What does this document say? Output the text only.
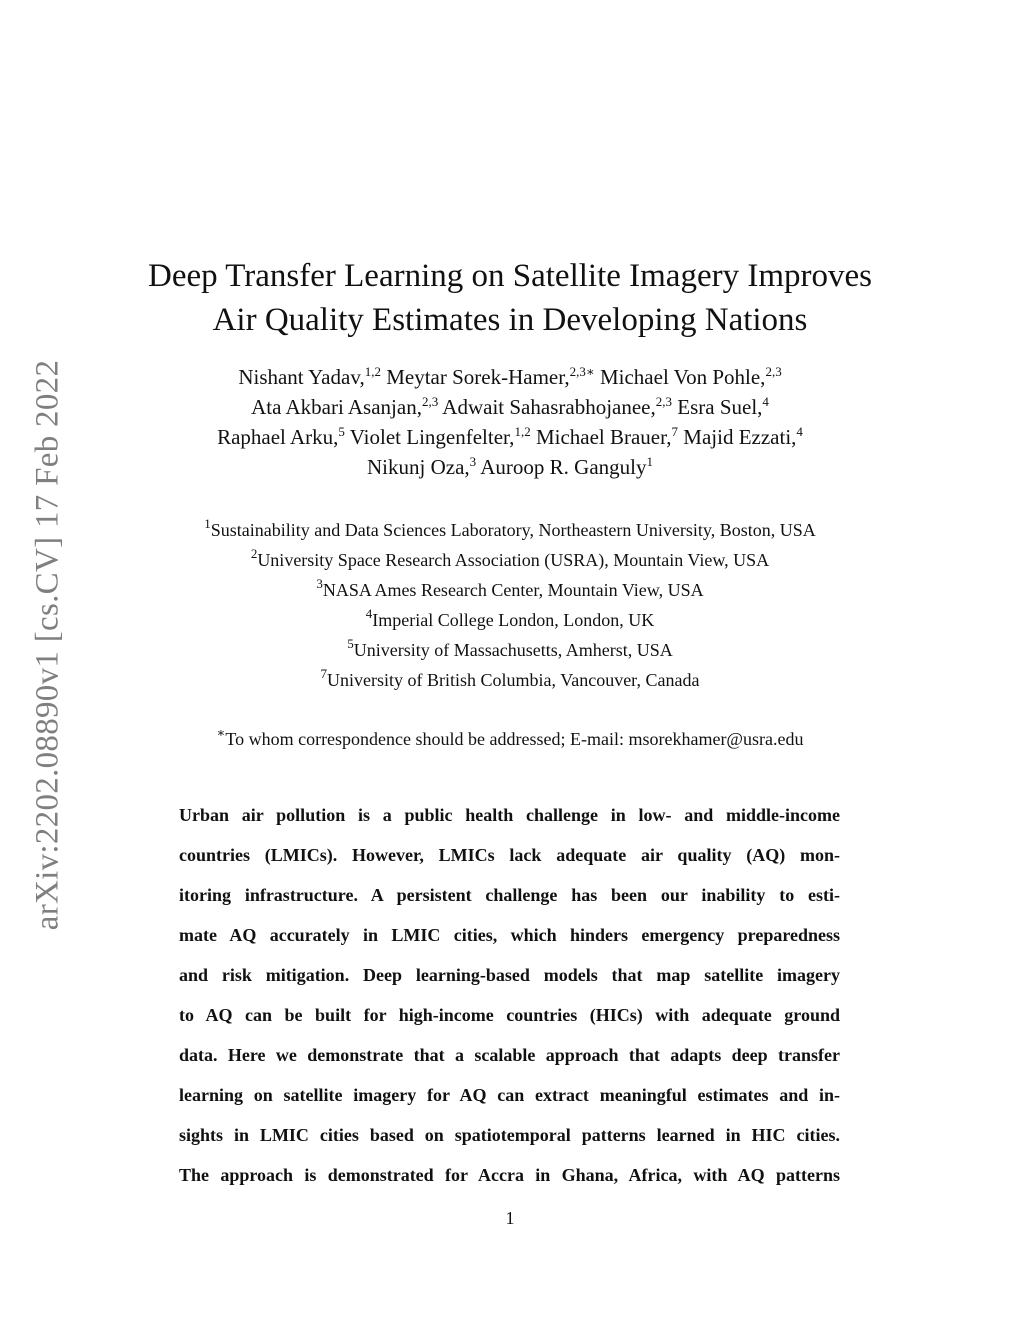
arXiv:2202.08890v1 [cs.CV] 17 Feb 2022
Deep Transfer Learning on Satellite Imagery Improves
Air Quality Estimates in Developing Nations
Nishant Yadav,$^{1,2}$ Meytar Sorek-Hamer,$^{2,3∗}$ Michael Von Pohle,$^{2,3}$
Ata Akbari Asanjan,$^{2,3}$ Adwait Sahasrabhojanee,$^{2,3}$ Esra Suel,$^4$
Raphael Arku,$^5$ Violet Lingenfelter,$^{1,2}$ Michael Brauer,$^7$ Majid Ezzati,$^4$
Nikunj Oza,$^3$ Auroop R. Ganguly$^1$
$^1$Sustainability and Data Sciences Laboratory, Northeastern University, Boston, USA
$^2$University Space Research Association (USRA), Mountain View, USA
$^3$NASA Ames Research Center, Mountain View, USA
$^4$Imperial College London, London, UK
$^5$University of Massachusetts, Amherst, USA
$^7$University of British Columbia, Vancouver, Canada
∗To whom correspondence should be addressed; E-mail: msorekhamer@usra.edu
Urban air pollution is a public health challenge in low- and middle-income
countries (LMICs). However, LMICs lack adequate air quality (AQ) mon-
itoring infrastructure. A persistent challenge has been our inability to esti-
mate AQ accurately in LMIC cities, which hinders emergency preparedness
and risk mitigation. Deep learning-based models that map satellite imagery
to AQ can be built for high-income countries (HICs) with adequate ground
data. Here we demonstrate that a scalable approach that adapts deep transfer
learning on satellite imagery for AQ can extract meaningful estimates and in-
sights in LMIC cities based on spatiotemporal patterns learned in HIC cities.
The approach is demonstrated for Accra in Ghana, Africa, with AQ patterns
1
